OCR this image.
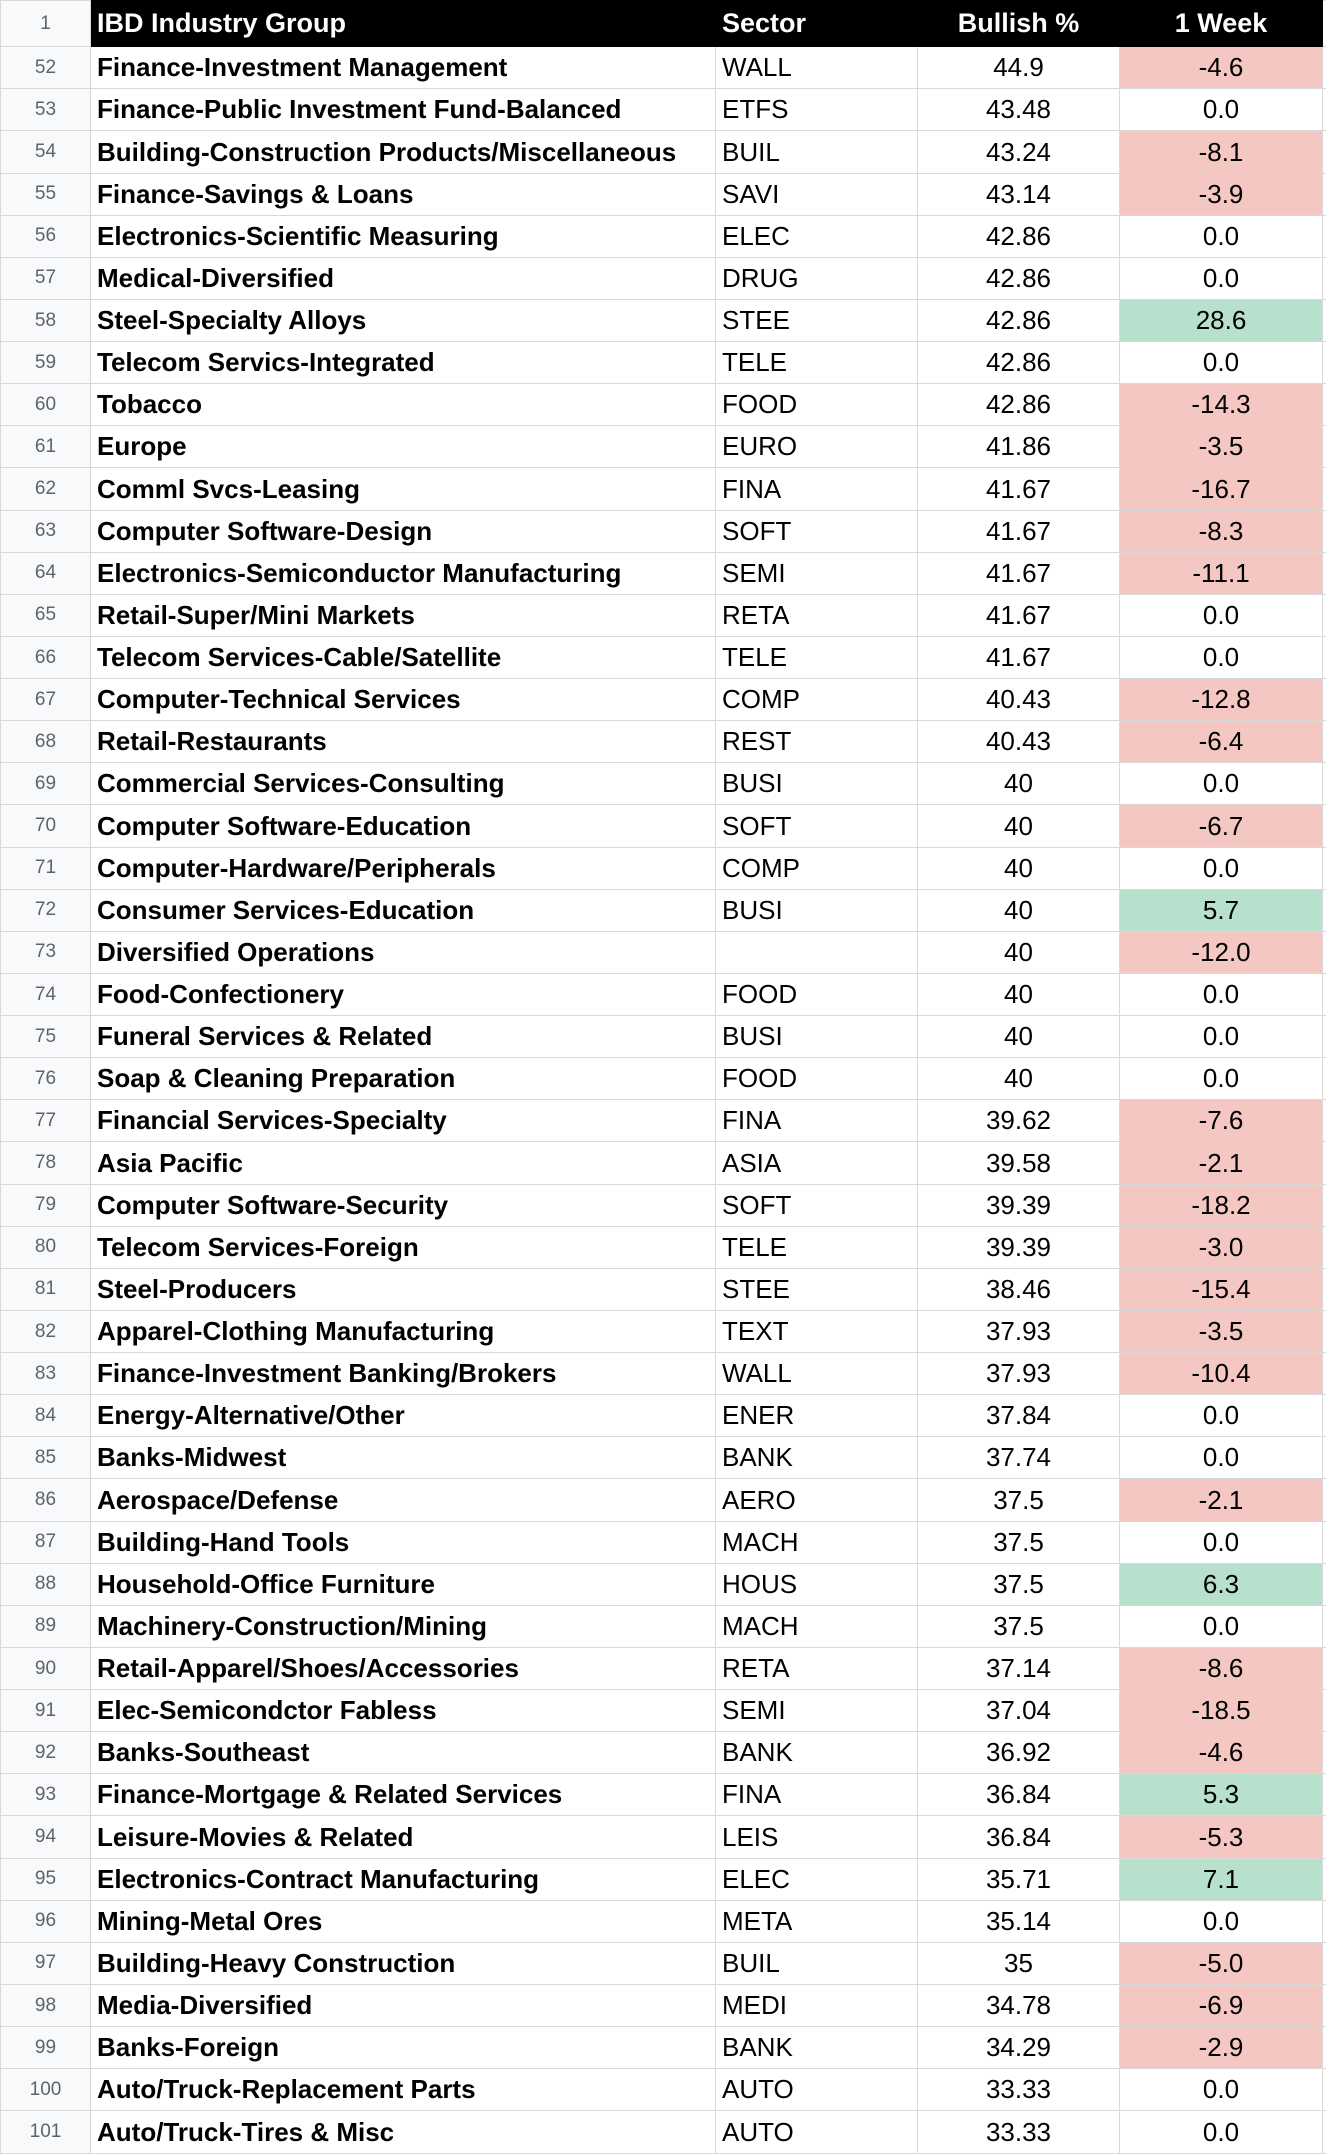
1	IBD Industry Group	Sector	Bullish %	1 Week	
52	Finance-Investment Management	WALL	44.9	-4.6	
53	Finance-Public Investment Fund-Balanced	ETFS	43.48	0.0	
54	Building-Construction Products/Miscellaneous	BUIL	43.24	-8.1	
55	Finance-Savings & Loans	SAVI	43.14	-3.9	
56	Electronics-Scientific Measuring	ELEC	42.86	0.0	
57	Medical-Diversified	DRUG	42.86	0.0	
58	Steel-Specialty Alloys	STEE	42.86	28.6	
59	Telecom Servics-Integrated	TELE	42.86	0.0	
60	Tobacco	FOOD	42.86	-14.3	
61	Europe	EURO	41.86	-3.5	
62	Comml Svcs-Leasing	FINA	41.67	-16.7	
63	Computer Software-Design	SOFT	41.67	-8.3	
64	Electronics-Semiconductor Manufacturing	SEMI	41.67	-11.1	
65	Retail-Super/Mini Markets	RETA	41.67	0.0	
66	Telecom Services-Cable/Satellite	TELE	41.67	0.0	
67	Computer-Technical Services	COMP	40.43	-12.8	
68	Retail-Restaurants	REST	40.43	-6.4	
69	Commercial Services-Consulting	BUSI	40	0.0	
70	Computer Software-Education	SOFT	40	-6.7	
71	Computer-Hardware/Peripherals	COMP	40	0.0	
72	Consumer Services-Education	BUSI	40	5.7	
73	Diversified Operations		40	-12.0	
74	Food-Confectionery	FOOD	40	0.0	
75	Funeral Services & Related	BUSI	40	0.0	
76	Soap & Cleaning Preparation	FOOD	40	0.0	
77	Financial Services-Specialty	FINA	39.62	-7.6	
78	Asia Pacific	ASIA	39.58	-2.1	
79	Computer Software-Security	SOFT	39.39	-18.2	
80	Telecom Services-Foreign	TELE	39.39	-3.0	
81	Steel-Producers	STEE	38.46	-15.4	
82	Apparel-Clothing Manufacturing	TEXT	37.93	-3.5	
83	Finance-Investment Banking/Brokers	WALL	37.93	-10.4	
84	Energy-Alternative/Other	ENER	37.84	0.0	
85	Banks-Midwest	BANK	37.74	0.0	
86	Aerospace/Defense	AERO	37.5	-2.1	
87	Building-Hand Tools	MACH	37.5	0.0	
88	Household-Office Furniture	HOUS	37.5	6.3	
89	Machinery-Construction/Mining	MACH	37.5	0.0	
90	Retail-Apparel/Shoes/Accessories	RETA	37.14	-8.6	
91	Elec-Semicondctor Fabless	SEMI	37.04	-18.5	
92	Banks-Southeast	BANK	36.92	-4.6	
93	Finance-Mortgage & Related Services	FINA	36.84	5.3	
94	Leisure-Movies & Related	LEIS	36.84	-5.3	
95	Electronics-Contract Manufacturing	ELEC	35.71	7.1	
96	Mining-Metal Ores	META	35.14	0.0	
97	Building-Heavy Construction	BUIL	35	-5.0	
98	Media-Diversified	MEDI	34.78	-6.9	
99	Banks-Foreign	BANK	34.29	-2.9	
100	Auto/Truck-Replacement Parts	AUTO	33.33	0.0	
101	Auto/Truck-Tires & Misc	AUTO	33.33	0.0	
